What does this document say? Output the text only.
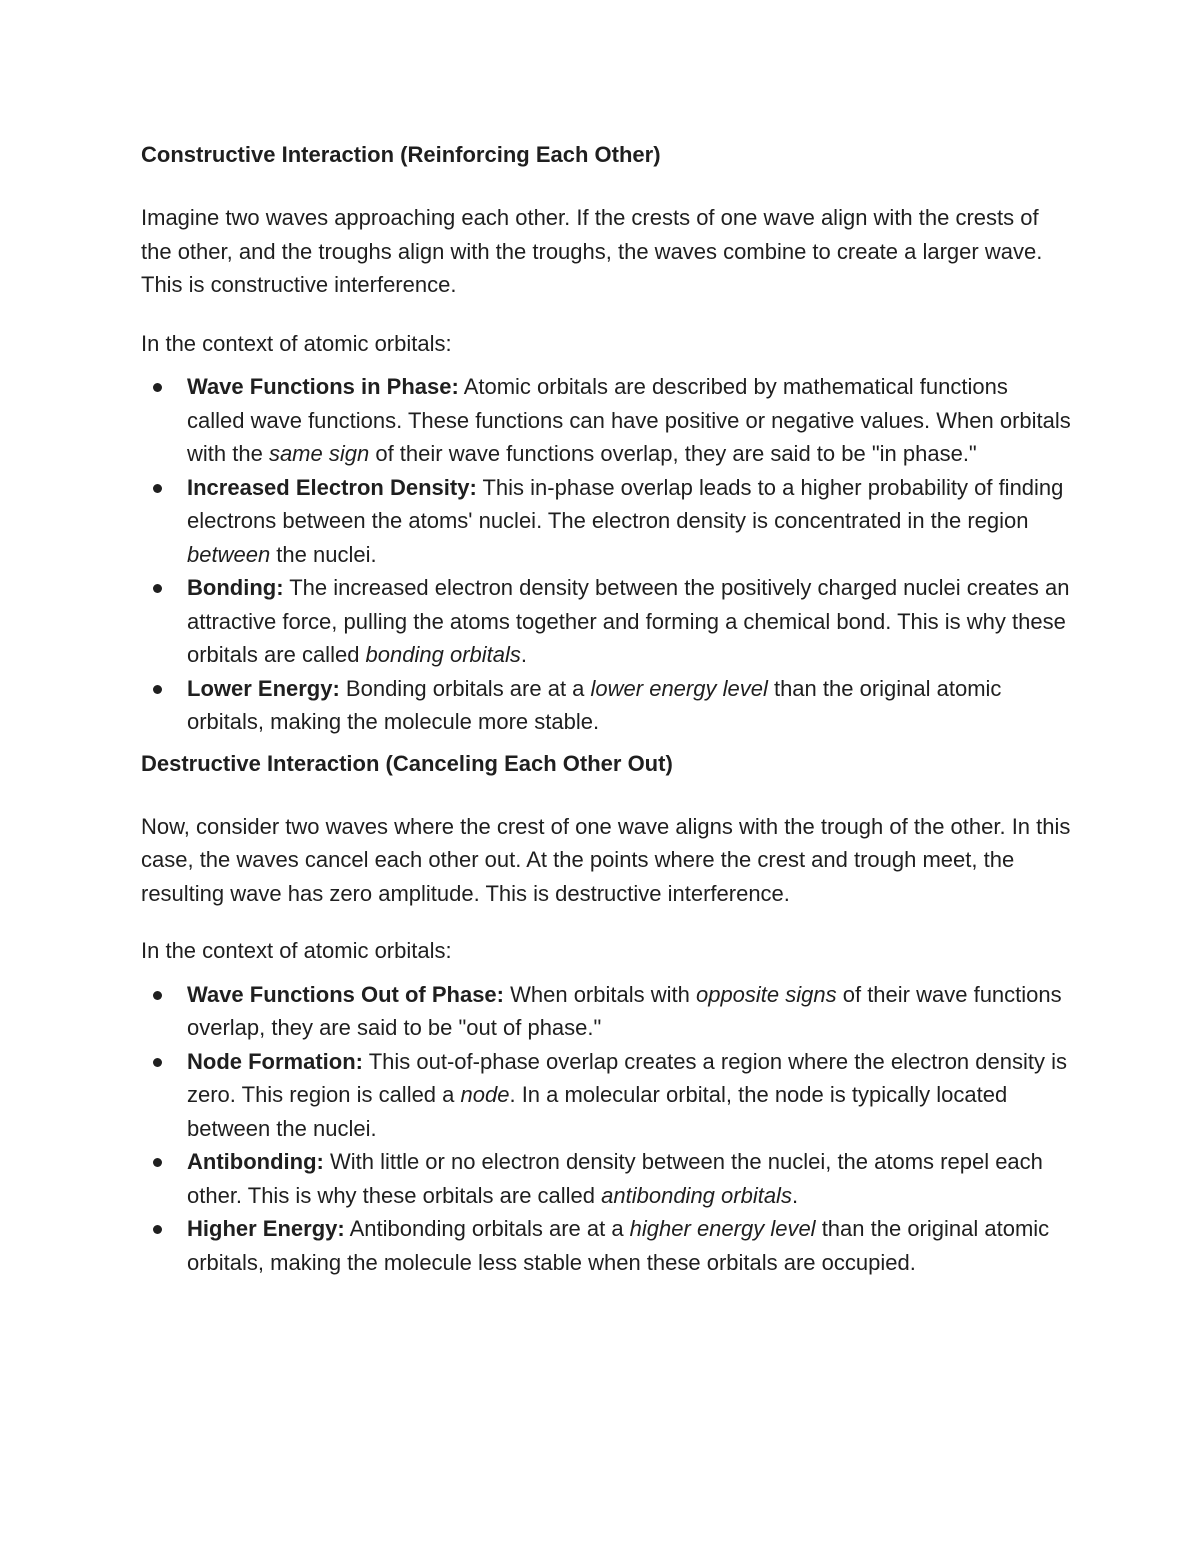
Constructive Interaction (Reinforcing Each Other)

Imagine two waves approaching each other. If the crests of one wave align with the crests of the other, and the troughs align with the troughs, the waves combine to create a larger wave. This is constructive interference.

In the context of atomic orbitals:

Wave Functions in Phase: Atomic orbitals are described by mathematical functions called wave functions. These functions can have positive or negative values. When orbitals with the same sign of their wave functions overlap, they are said to be "in phase."
Increased Electron Density: This in-phase overlap leads to a higher probability of finding electrons between the atoms' nuclei. The electron density is concentrated in the region between the nuclei.
Bonding: The increased electron density between the positively charged nuclei creates an attractive force, pulling the atoms together and forming a chemical bond. This is why these orbitals are called bonding orbitals.
Lower Energy: Bonding orbitals are at a lower energy level than the original atomic orbitals, making the molecule more stable.
Destructive Interaction (Canceling Each Other Out)

Now, consider two waves where the crest of one wave aligns with the trough of the other. In this case, the waves cancel each other out. At the points where the crest and trough meet, the resulting wave has zero amplitude. This is destructive interference.

In the context of atomic orbitals:

Wave Functions Out of Phase: When orbitals with opposite signs of their wave functions overlap, they are said to be "out of phase."
Node Formation: This out-of-phase overlap creates a region where the electron density is zero. This region is called a node. In a molecular orbital, the node is typically located between the nuclei.
Antibonding: With little or no electron density between the nuclei, the atoms repel each other. This is why these orbitals are called antibonding orbitals.
Higher Energy: Antibonding orbitals are at a higher energy level than the original atomic orbitals, making the molecule less stable when these orbitals are occupied.
